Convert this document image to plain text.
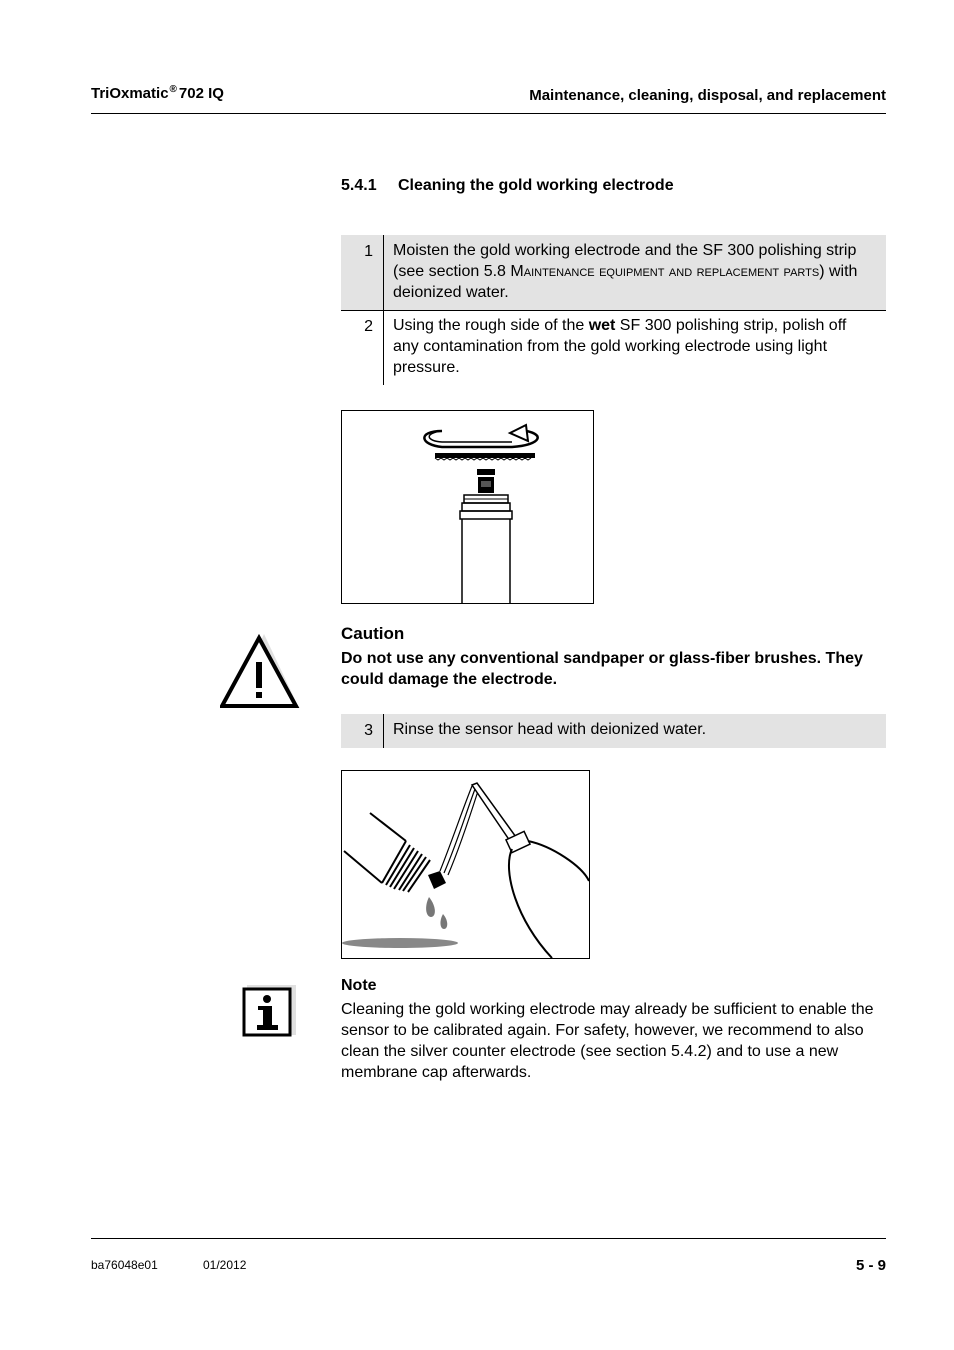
TriOxmatic® 702 IQ	Maintenance, cleaning, disposal, and replacement
5.4.1 Cleaning the gold working electrode
1 Moisten the gold working electrode and the SF 300 polishing strip (see section 5.8 Maintenance equipment and replacement parts) with deionized water.
2 Using the rough side of the wet SF 300 polishing strip, polish off any contamination from the gold working electrode using light pressure.
Caution
Do not use any conventional sandpaper or glass-fiber brushes. They could damage the electrode.
3 Rinse the sensor head with deionized water.
Note
Cleaning the gold working electrode may already be sufficient to enable the sensor to be calibrated again. For safety, however, we recommend to also clean the silver counter electrode (see section 5.4.2) and to use a new membrane cap afterwards.
ba76048e01	01/2012	5 - 9
